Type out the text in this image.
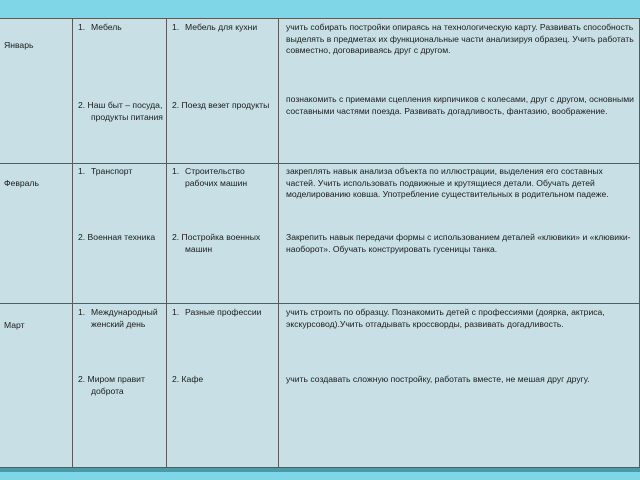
Январь
1. Мебель
2. Наш быт – посуда, продукты питания
1. Мебель для кухни
2. Поезд везет продукты

учить собирать постройки опираясь на технологическую карту. Развивать способность выделять в предметах их функциональные части анализируя образец. Учить работать совместно, договариваясь друг с другом.

познакомить с приемами сцепления кирпичиков с колесами, друг с другом, основными составными частями поезда. Развивать догадливость, фантазию, воображение.

Февраль
1. Транспорт
2. Военная техника
1. Строительство рабочих машин
2. Постройка военных машин

закреплять навык анализа объекта по иллюстрации, выделения его составных частей. Учить использовать подвижные и крутящиеся детали. Обучать детей моделированию ковша. Употребление существительных в родительном падеже.

Закрепить навык передачи формы с использованием деталей «клювики» и «клювики-наоборот». Обучать конструировать гусеницы танка.

Март
1. Международный женский день
2. Миром правит доброта
1. Разные профессии
2. Кафе

учить строить по образцу. Познакомить детей с профессиями (доярка, актриса, экскурсовод).Учить отгадывать кроссворды, развивать догадливость.

учить создавать сложную постройку, работать вместе, не мешая друг другу.
